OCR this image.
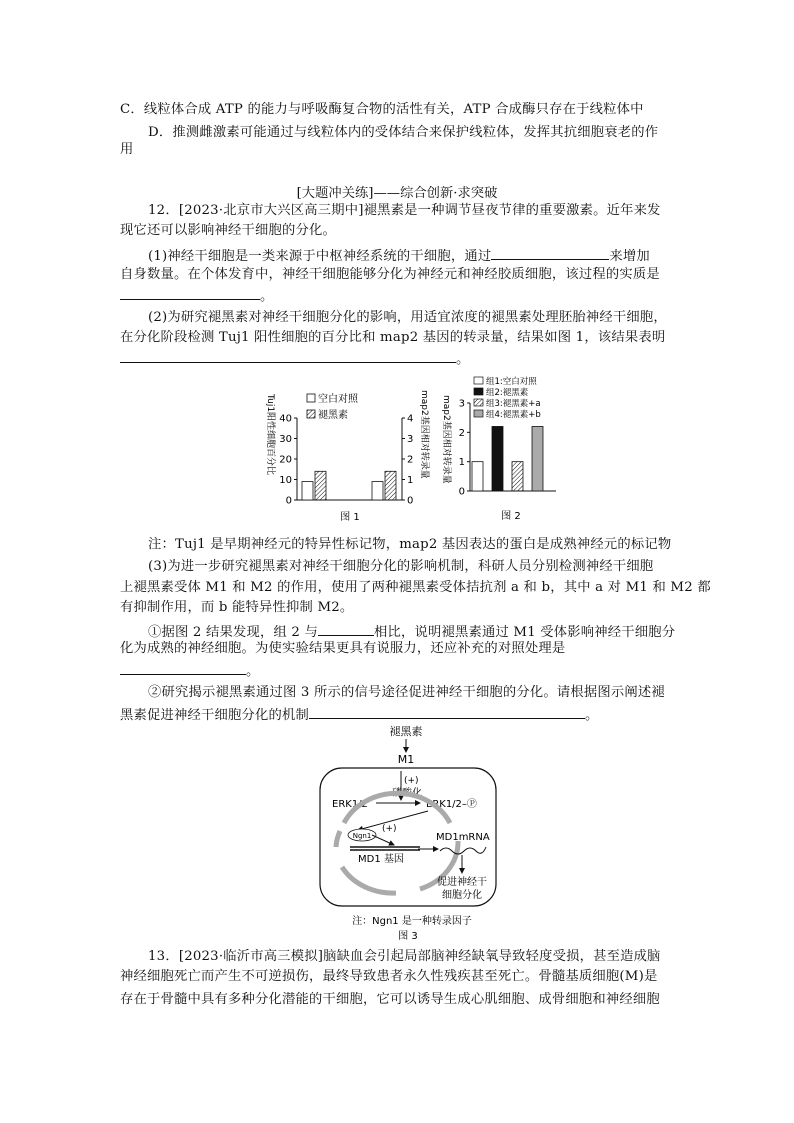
C．线粒体合成 ATP 的能力与呼吸酶复合物的活性有关，ATP 合成酶只存在于线粒体中
D．推测雌激素可能通过与线粒体内的受体结合来保护线粒体，发挥其抗细胞衰老的作
用
[大题冲关练]——综合创新·求突破
12．[2023·北京市大兴区高三期中]褪黑素是一种调节昼夜节律的重要激素。近年来发
现它还可以影响神经干细胞的分化。
(1)神经干细胞是一类来源于中枢神经系统的干细胞，通过	来增加
自身数量。在个体发育中，神经干细胞能够分化为神经元和神经胶质细胞，该过程的实质是
。
(2)为研究褪黑素对神经干细胞分化的影响，用适宜浓度的褪黑素处理胚胎神经干细胞，
在分化阶段检测 Tuj1 阳性细胞的百分比和 map2 基因的转录量，结果如图 1，该结果表明
。
Tuj1阳性细胞百分比
0
10
20
30
40
0
1
2
3
4
空白对照
褪黑素
图 1
map2基因相对转录量 map2基因相对转录量
0
1
2
3
组1:空白对照
组2:褪黑素
组3:褪黑素+a
组4:褪黑素+b
图 2
注：Tuj1 是早期神经元的特异性标记物，map2 基因表达的蛋白是成熟神经元的标记物
(3)为进一步研究褪黑素对神经干细胞分化的影响机制，科研人员分别检测神经干细胞
上褪黑素受体 M1 和 M2 的作用，使用了两种褪黑素受体拮抗剂 a 和 b，其中 a 对 M1 和 M2 都
有抑制作用，而 b 能特异性抑制 M2。
①据图 2 结果发现，组 2 与	相比，说明褪黑素通过 M1 受体影响神经干细胞分
化为成熟的神经细胞。为使实验结果更具有说服力，还应补充的对照处理是
。
②研究揭示褪黑素通过图 3 所示的信号途径促进神经干细胞的分化。请根据图示阐述褪
黑素促进神经干细胞分化的机制	。
褪黑素
M1
(+)
磷酸化
ERK1/2	ERK1/2–Ⓟ
Ngn1
(+)
MD1 基因
MD1mRNA
促进神经干
细胞分化
注：Ngn1 是一种转录因子
图 3
13．[2023·临沂市高三模拟]脑缺血会引起局部脑神经缺氧导致轻度受损，甚至造成脑
神经细胞死亡而产生不可逆损伤，最终导致患者永久性残疾甚至死亡。骨髓基质细胞(M)是
存在于骨髓中具有多种分化潜能的干细胞，它可以诱导生成心肌细胞、成骨细胞和神经细胞
